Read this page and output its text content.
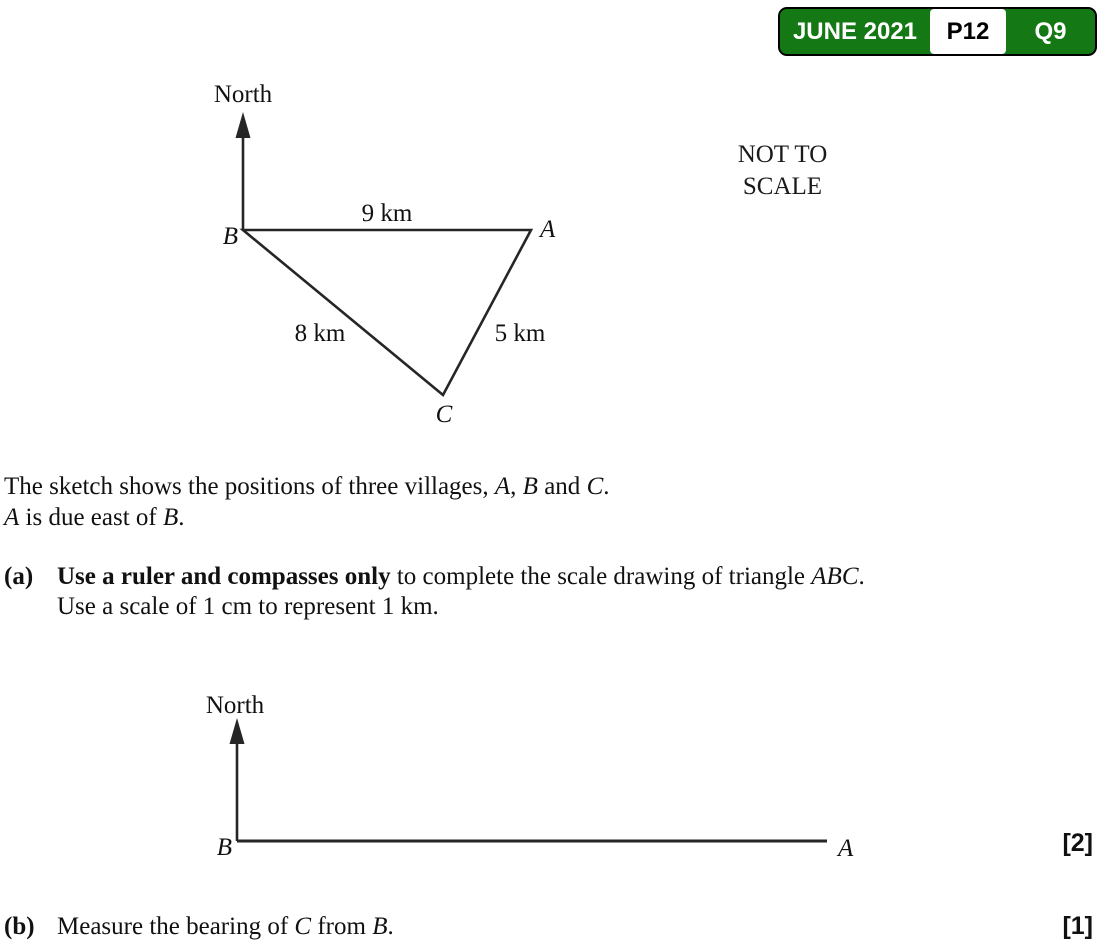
JUNE 2021	P12	Q9
North
B	A
C
9 km
8 km	5 km
NOT TO
SCALE
The sketch shows the positions of three villages, A, B and C.
A is due east of B.
(a) Use a ruler and compasses only to complete the scale drawing of triangle ABC.
Use a scale of 1 cm to represent 1 km.
North
B	A	[2]
(b) Measure the bearing of C from B.	[1]
